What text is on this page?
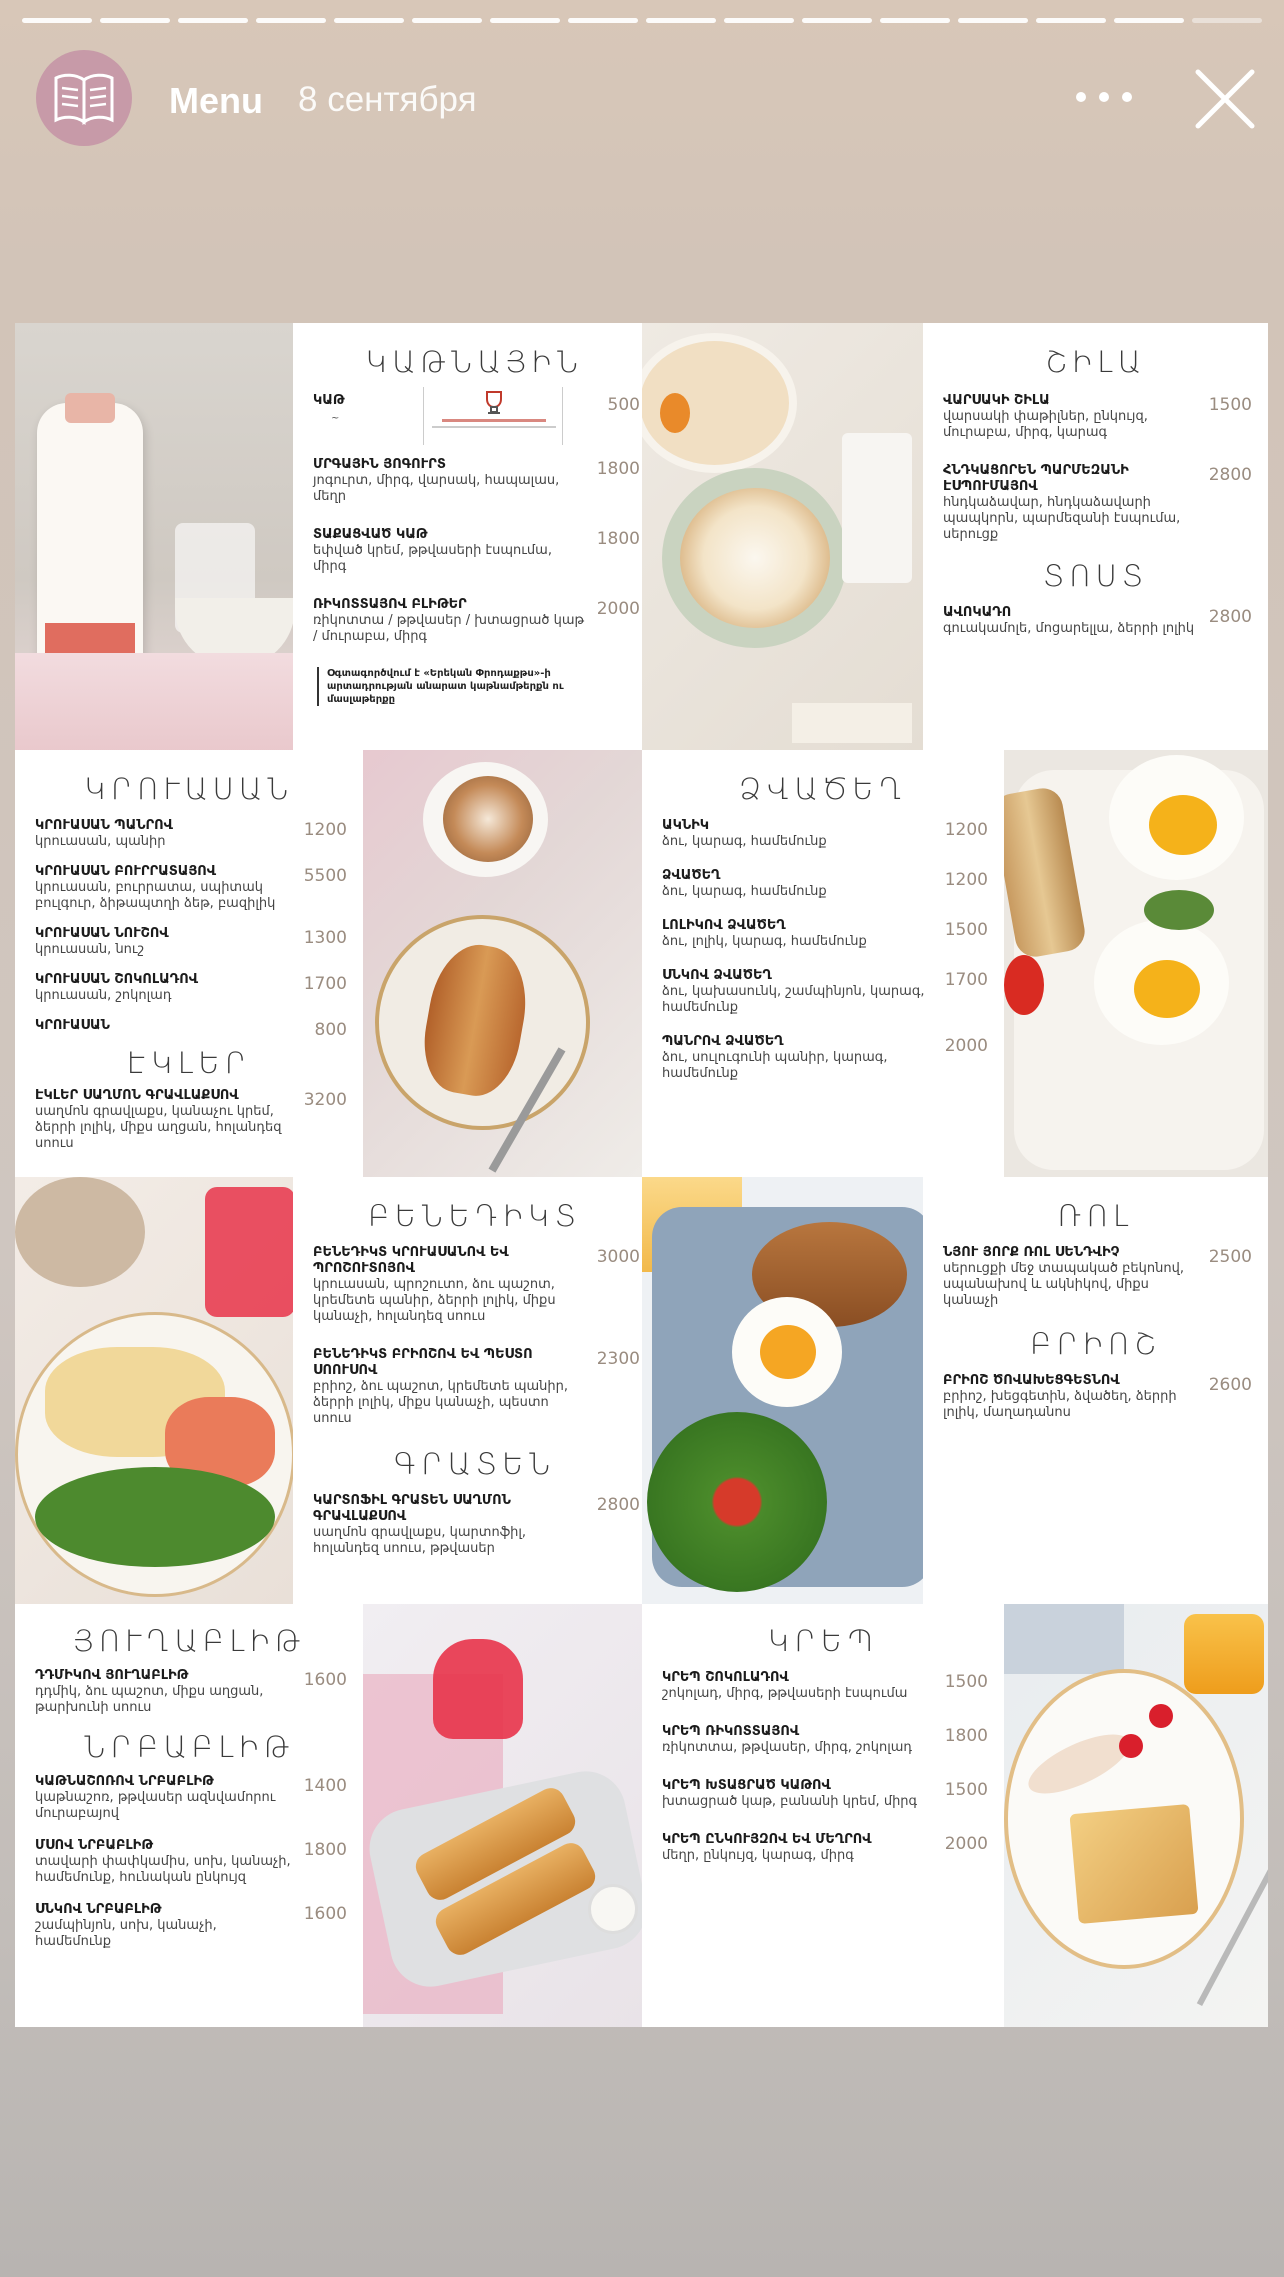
Menu 8 сентября
ԿԱԹՆԱՅԻՆ
ԿԱԹ
~
500
ՄՐԳԱՅԻՆ ՅՈԳՈՒՐՏ
յոգուրտ, միրգ, վարսակ, հապալաս, մեղր
1800
ՏԱՔԱՑՎԱԾ ԿԱԹ
եփված կրեմ, թթվասերի էսպումա, միրգ
1800
ՌԻԿՈՏՏԱՅՈՎ ԲԼԻԹԵՐ
ռիկոտտա / թթվասեր / խտացրած կաթ / մուրաբա, միրգ
2000
Օգտագործվում է «Երեկան Փրոդաքթս»-ի արտադրության անարատ կաթնամթերքն ու մասլաթերքը
ՇԻԼԱ
ՎԱՐՍԱԿԻ ՇԻԼԱ
վարսակի փաթիլներ, ընկույզ, մուրաբա, միրգ, կարագ
1500
ՀՆԴԿԱՑՈՐԵՆ ՊԱՐՄԵԶԱՆԻ ԷՍՊՈՒՄԱՅՈՎ
հնդկաձավար, հնդկաձավարի պապկորն, պարմեզանի էսպումա, սերուցք
2800
ՏՈՍՏ
ԱՎՈԿԱԴՈ
գուակամոլե, մոցարելլա, ձերրի լոլիկ
2800
ԿՐՈՒԱՍԱՆ
ԿՐՈՒԱՍԱՆ ՊԱՆՐՈՎ
կրուասան, պանիր
1200
ԿՐՈՒԱՍԱՆ ԲՈՒՐՐԱՏԱՅՈՎ
կրուասան, բուրրատա, սպիտակ բուլգուր, ձիթապտղի ձեթ, բազիլիկ
5500
ԿՐՈՒԱՍԱՆ ՆՈՒՇՈՎ
կրուասան, նուշ
1300
ԿՐՈՒԱՍԱՆ ՇՈԿՈԼԱԴՈՎ
կրուասան, շոկոլադ
1700
ԿՐՈՒԱՍԱՆ	800
ԷԿԼԵՐ
ԷԿԼԵՐ ՍԱՂՄՈՆ ԳՐԱՎԼԱՔՍՈՎ
սաղմոն գրավլաքս, կանաչու կրեմ, ձերրի լոլիկ, միքս աղցան, հոլանդեզ սոուս
3200
ՁՎԱԾԵՂ
ԱԿՆԻԿ
ձու, կարագ, համեմունք
1200
ՁՎԱԾԵՂ
ձու, կարագ, համեմունք
1200
ԼՈԼԻԿՈՎ ՁՎԱԾԵՂ
ձու, լոլիկ, կարագ, համեմունք
1500
ՍՆԿՈՎ ՁՎԱԾԵՂ
ձու, կախասունկ, շամպինյոն, կարագ, համեմունք
1700
ՊԱՆՐՈՎ ՁՎԱԾԵՂ
ձու, սուլուգունի պանիր, կարագ, համեմունք
2000
ԲԵՆԵԴԻԿՏ
ԲԵՆԵԴԻԿՏ ԿՐՈՒԱՍԱՆՈՎ ԵՎ ՊՐՈՇՈՒՏՈՅՈՎ
կրուասան, պրոշուտո, ձու պաշոտ, կրեմետե պանիր, ձերրի լոլիկ, միքս կանաչի, հոլանդեզ սոուս
3000
ԲԵՆԵԴԻԿՏ ԲՐԻՈՇՈՎ ԵՎ ՊԵՍՏՈ ՍՈՈՒՍՈՎ
բրիոշ, ձու պաշոտ, կրեմետե պանիր, ձերրի լոլիկ, միքս կանաչի, պեստո սոուս
2300
ԳՐԱՏԵՆ
ԿԱՐՏՈՖԻԼ ԳՐԱՏԵՆ ՍԱՂՄՈՆ ԳՐԱՎԼԱՔՍՈՎ
սաղմոն գրավլաքս, կարտոֆիլ, հոլանդեզ սոուս, թթվասեր
2800
ՌՈԼ
ՆՅՈՒ ՅՈՐՔ ՌՈԼ ՍԵՆԴՎԻՉ
սերուցքի մեջ տապակած բեկոնով, սպանախով և ակնիկով, միքս կանաչի
2500
ԲՐԻՈՇ
ԲՐԻՈՇ ԾՈՎԱԽԵՑԳԵՏՆՈՎ
բրիոշ, խեցգետին, ձվածեղ, ձերրի լոլիկ, մաղադանոս
2600
ՅՈՒՂԱԲԼԻԹ
ԴԴՄԻԿՈՎ ՅՈՒՂԱԲԼԻԹ
դդմիկ, ձու պաշոտ, միքս աղցան, թարխունի սոուս
1600
ՆՐԲԱԲԼԻԹ
ԿԱԹՆԱՇՈՌՈՎ ՆՐԲԱԲԼԻԹ
կաթնաշոռ, թթվասեր ազնվամորու մուրաբայով
1400
ՄՍՈՎ ՆՐԲԱԲԼԻԹ
տավարի փափկամիս, սոխ, կանաչի, համեմունք, հունական ընկույզ
1800
ՍՆԿՈՎ ՆՐԲԱԲԼԻԹ
շամպինյոն, սոխ, կանաչի, համեմունք
1600
ԿՐԵՊ
ԿՐԵՊ ՇՈԿՈԼԱԴՈՎ
շոկոլադ, միրգ, թթվասերի էսպումա
1500
ԿՐԵՊ ՌԻԿՈՏՏԱՅՈՎ
ռիկոտտա, թթվասեր, միրգ, շոկոլադ
1800
ԿՐԵՊ ԽՏԱՑՐԱԾ ԿԱԹՈՎ
խտացրած կաթ, բանանի կրեմ, միրգ
1500
ԿՐԵՊ ԸՆԿՈՒՅԶՈՎ ԵՎ ՄԵՂՐՈՎ
մեղր, ընկույզ, կարագ, միրգ
2000
